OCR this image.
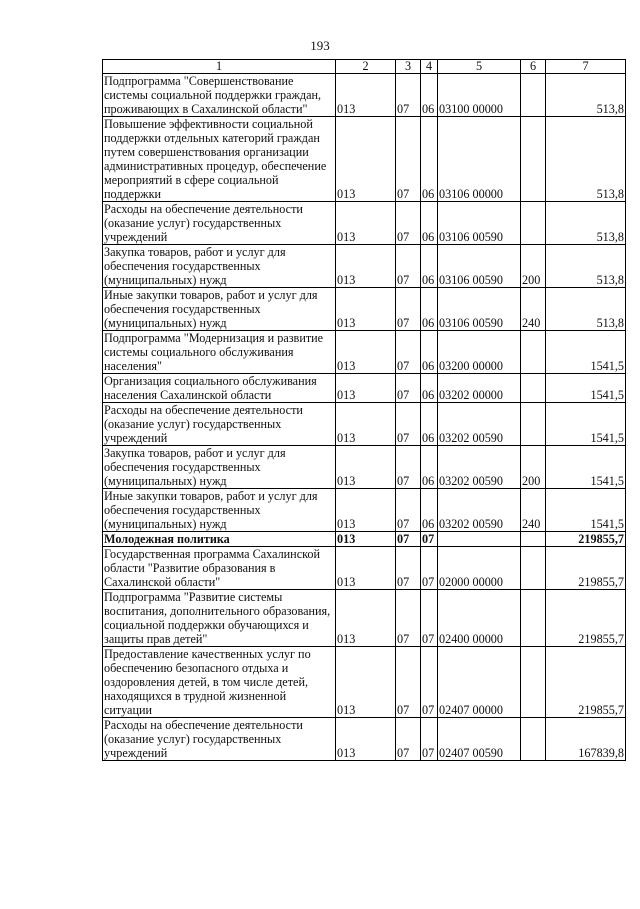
193
1	2	3	4	5	6	7
Подпрограмма "Совершенствование системы социальной поддержки граждан, проживающих в Сахалинской области"	013	07	06	03100 00000		513,8
Повышение эффективности социальной поддержки отдельных категорий граждан путем совершенствования организации административных процедур, обеспечение мероприятий в сфере социальной поддержки	013	07	06	03106 00000		513,8
Расходы на обеспечение деятельности (оказание услуг) государственных учреждений	013	07	06	03106 00590		513,8
Закупка товаров, работ и услуг для обеспечения государственных (муниципальных) нужд	013	07	06	03106 00590	200	513,8
Иные закупки товаров, работ и услуг для обеспечения государственных (муниципальных) нужд	013	07	06	03106 00590	240	513,8
Подпрограмма "Модернизация и развитие системы социального обслуживания населения"	013	07	06	03200 00000		1541,5
Организация социального обслуживания населения Сахалинской области	013	07	06	03202 00000		1541,5
Расходы на обеспечение деятельности (оказание услуг) государственных учреждений	013	07	06	03202 00590		1541,5
Закупка товаров, работ и услуг для обеспечения государственных (муниципальных) нужд	013	07	06	03202 00590	200	1541,5
Иные закупки товаров, работ и услуг для обеспечения государственных (муниципальных) нужд	013	07	06	03202 00590	240	1541,5
Молодежная политика	013	07	07			219855,7
Государственная программа Сахалинской области "Развитие образования в Сахалинской области"	013	07	07	02000 00000		219855,7
Подпрограмма "Развитие системы воспитания, дополнительного образования, социальной поддержки обучающихся и защиты прав детей"	013	07	07	02400 00000		219855,7
Предоставление качественных услуг по обеспечению безопасного отдыха и оздоровления детей, в том числе детей, находящихся в трудной жизненной ситуации	013	07	07	02407 00000		219855,7
Расходы на обеспечение деятельности (оказание услуг) государственных учреждений	013	07	07	02407 00590		167839,8
